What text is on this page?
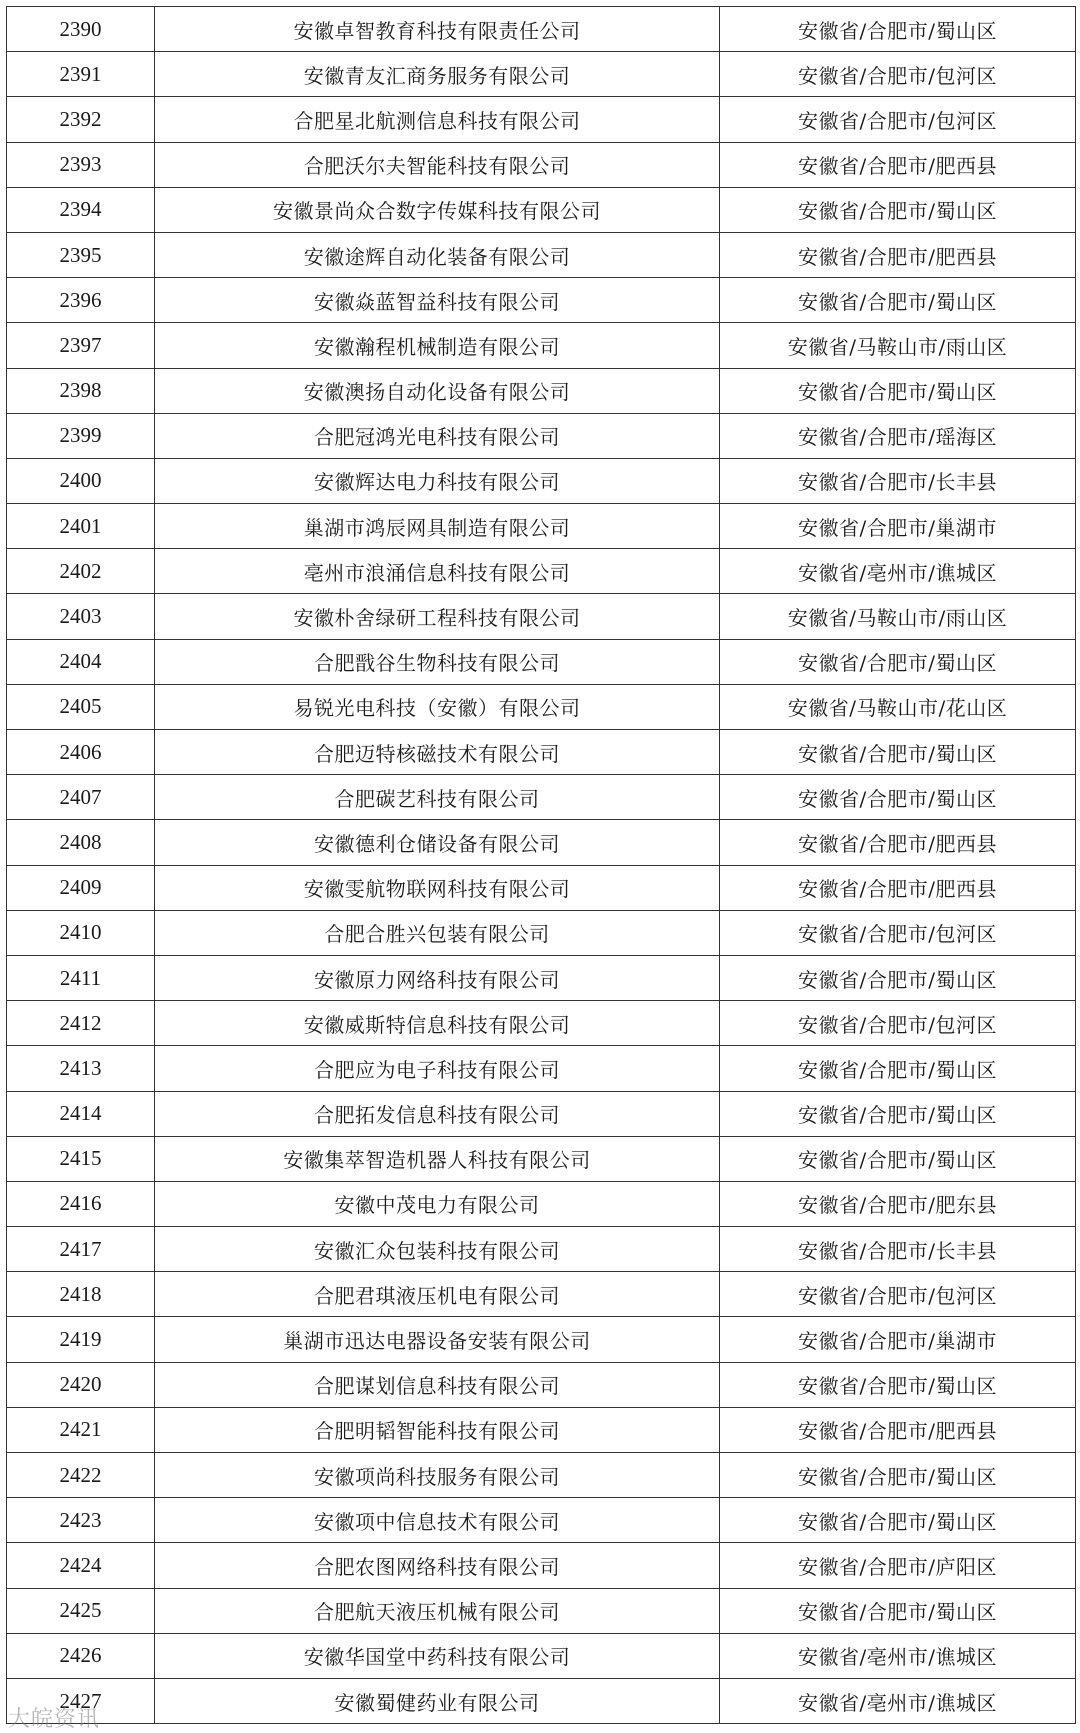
2390	安徽卓智教育科技有限责任公司	安徽省/合肥市/蜀山区
2391	安徽青友汇商务服务有限公司	安徽省/合肥市/包河区
2392	合肥星北航测信息科技有限公司	安徽省/合肥市/包河区
2393	合肥沃尔夫智能科技有限公司	安徽省/合肥市/肥西县
2394	安徽景尚众合数字传媒科技有限公司	安徽省/合肥市/蜀山区
2395	安徽途辉自动化装备有限公司	安徽省/合肥市/肥西县
2396	安徽焱蓝智益科技有限公司	安徽省/合肥市/蜀山区
2397	安徽瀚程机械制造有限公司	安徽省/马鞍山市/雨山区
2398	安徽澳扬自动化设备有限公司	安徽省/合肥市/蜀山区
2399	合肥冠鸿光电科技有限公司	安徽省/合肥市/瑶海区
2400	安徽辉达电力科技有限公司	安徽省/合肥市/长丰县
2401	巢湖市鸿辰网具制造有限公司	安徽省/合肥市/巢湖市
2402	亳州市浪涌信息科技有限公司	安徽省/亳州市/谯城区
2403	安徽朴舍绿研工程科技有限公司	安徽省/马鞍山市/雨山区
2404	合肥戬谷生物科技有限公司	安徽省/合肥市/蜀山区
2405	易锐光电科技（安徽）有限公司	安徽省/马鞍山市/花山区
2406	合肥迈特核磁技术有限公司	安徽省/合肥市/蜀山区
2407	合肥碳艺科技有限公司	安徽省/合肥市/蜀山区
2408	安徽德利仓储设备有限公司	安徽省/合肥市/肥西县
2409	安徽雯航物联网科技有限公司	安徽省/合肥市/肥西县
2410	合肥合胜兴包装有限公司	安徽省/合肥市/包河区
2411	安徽原力网络科技有限公司	安徽省/合肥市/蜀山区
2412	安徽威斯特信息科技有限公司	安徽省/合肥市/包河区
2413	合肥应为电子科技有限公司	安徽省/合肥市/蜀山区
2414	合肥拓发信息科技有限公司	安徽省/合肥市/蜀山区
2415	安徽集萃智造机器人科技有限公司	安徽省/合肥市/蜀山区
2416	安徽中茂电力有限公司	安徽省/合肥市/肥东县
2417	安徽汇众包装科技有限公司	安徽省/合肥市/长丰县
2418	合肥君琪液压机电有限公司	安徽省/合肥市/包河区
2419	巢湖市迅达电器设备安装有限公司	安徽省/合肥市/巢湖市
2420	合肥谋划信息科技有限公司	安徽省/合肥市/蜀山区
2421	合肥明韬智能科技有限公司	安徽省/合肥市/肥西县
2422	安徽项尚科技服务有限公司	安徽省/合肥市/蜀山区
2423	安徽项中信息技术有限公司	安徽省/合肥市/蜀山区
2424	合肥农图网络科技有限公司	安徽省/合肥市/庐阳区
2425	合肥航天液压机械有限公司	安徽省/合肥市/蜀山区
2426	安徽华国堂中药科技有限公司	安徽省/亳州市/谯城区
2427	安徽蜀健药业有限公司	安徽省/亳州市/谯城区
大皖资讯
